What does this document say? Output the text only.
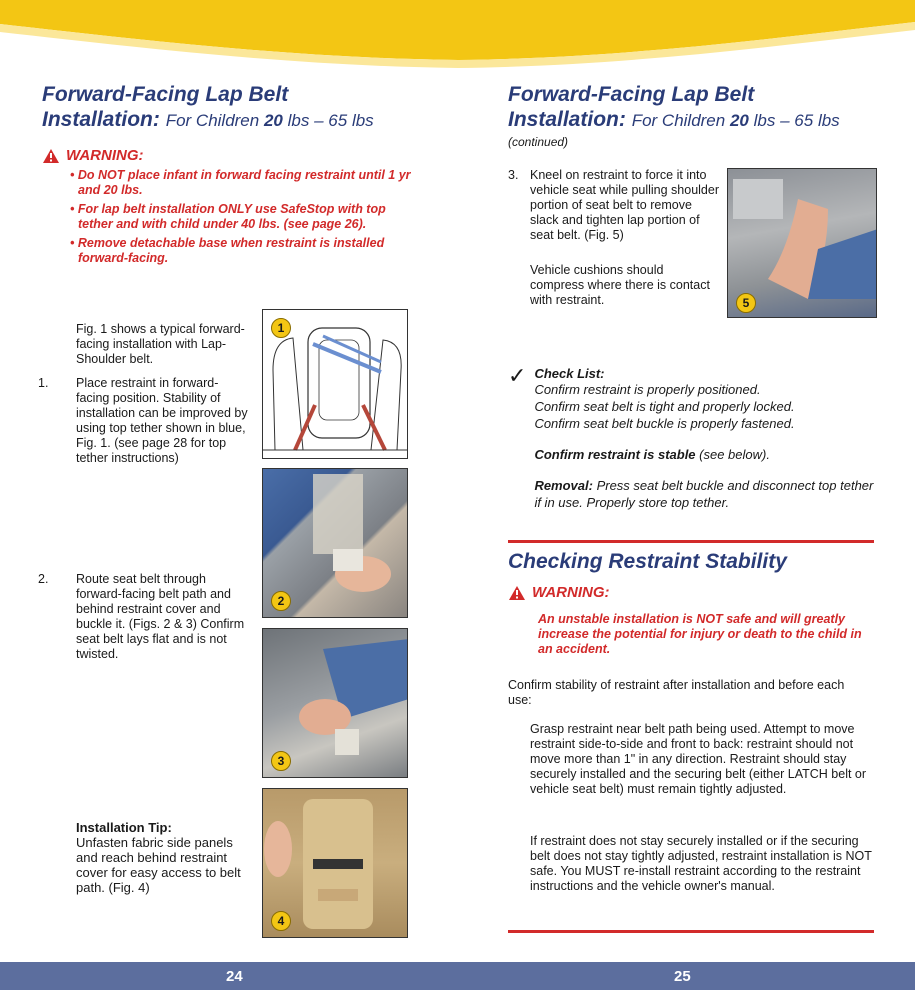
Forward-Facing Lap Belt
Installation: For Children 20 lbs – 65 lbs
WARNING:
• Do NOT place infant in forward facing restraint until 1 yr and 20 lbs.
• For lap belt installation ONLY use SafeStop with top tether and with child under 40 lbs. (see page 26).
• Remove detachable base when restraint is installed forward-facing.
Fig. 1 shows a typical forward-facing installation with Lap-Shoulder belt.
1. Place restraint in forward-facing position. Stability of installation can be improved by using top tether shown in blue, Fig. 1. (see page 28 for top tether instructions)
2. Route seat belt through forward-facing belt path and behind restraint cover and buckle it. (Figs. 2 & 3) Confirm seat belt lays flat and is not twisted.
Installation Tip:
Unfasten fabric side panels and reach behind restraint cover for easy access to belt path. (Fig. 4)
1
2
3
4
Forward-Facing Lap Belt
Installation: For Children 20 lbs – 65 lbs
(continued)
3. Kneel on restraint to force it into vehicle seat while pulling shoulder portion of seat belt to remove slack and tighten lap portion of seat belt. (Fig. 5)
Vehicle cushions should compress where there is contact with restraint.	5
✓ Check List:
Confirm restraint is properly positioned.
Confirm seat belt is tight and properly locked.
Confirm seat belt buckle is properly fastened.
Confirm restraint is stable (see below).
Removal: Press seat belt buckle and disconnect top tether if in use. Properly store top tether.
Checking Restraint Stability
WARNING:
An unstable installation is NOT safe and will greatly increase the potential for injury or death to the child in an accident.
Confirm stability of restraint after installation and before each use:
Grasp restraint near belt path being used. Attempt to move restraint side-to-side and front to back: restraint should not move more than 1" in any direction. Restraint should stay securely installed and the securing belt (either LATCH belt or vehicle seat belt) must remain tightly adjusted.
If restraint does not stay securely installed or if the securing belt does not stay tightly adjusted, restraint installation is NOT safe. You MUST re-install restraint according to the restraint instructions and the vehicle owner's manual.
24	25
